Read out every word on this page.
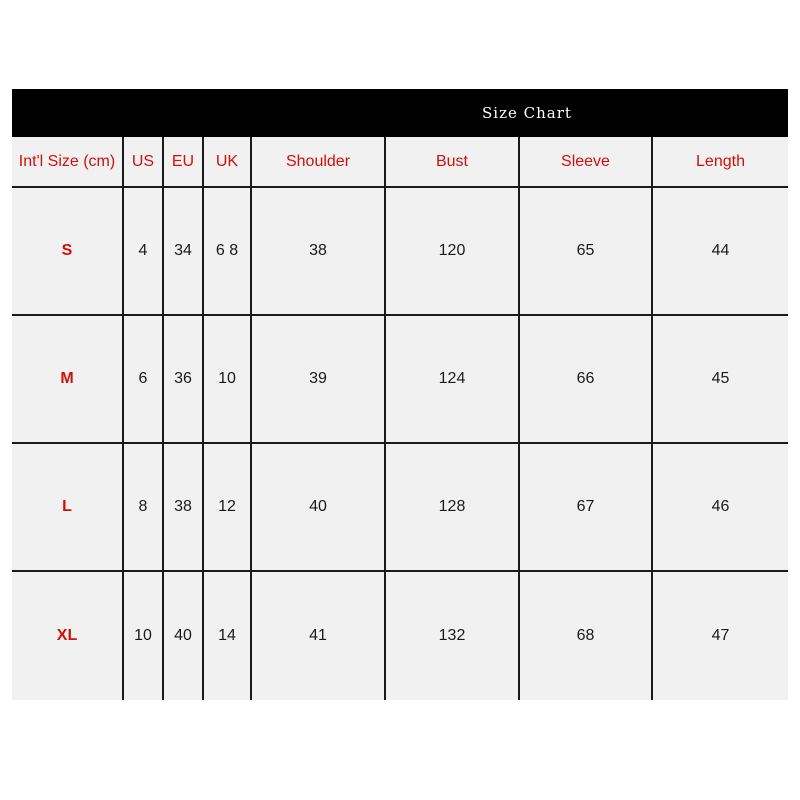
Size Chart
Int'l Size (cm)	US	EU	UK	Shoulder	Bust	Sleeve	Length
S	4	34	6 8	38	120	65	44
M	6	36	10	39	124	66	45
L	8	38	12	40	128	67	46
XL	10	40	14	41	132	68	47
